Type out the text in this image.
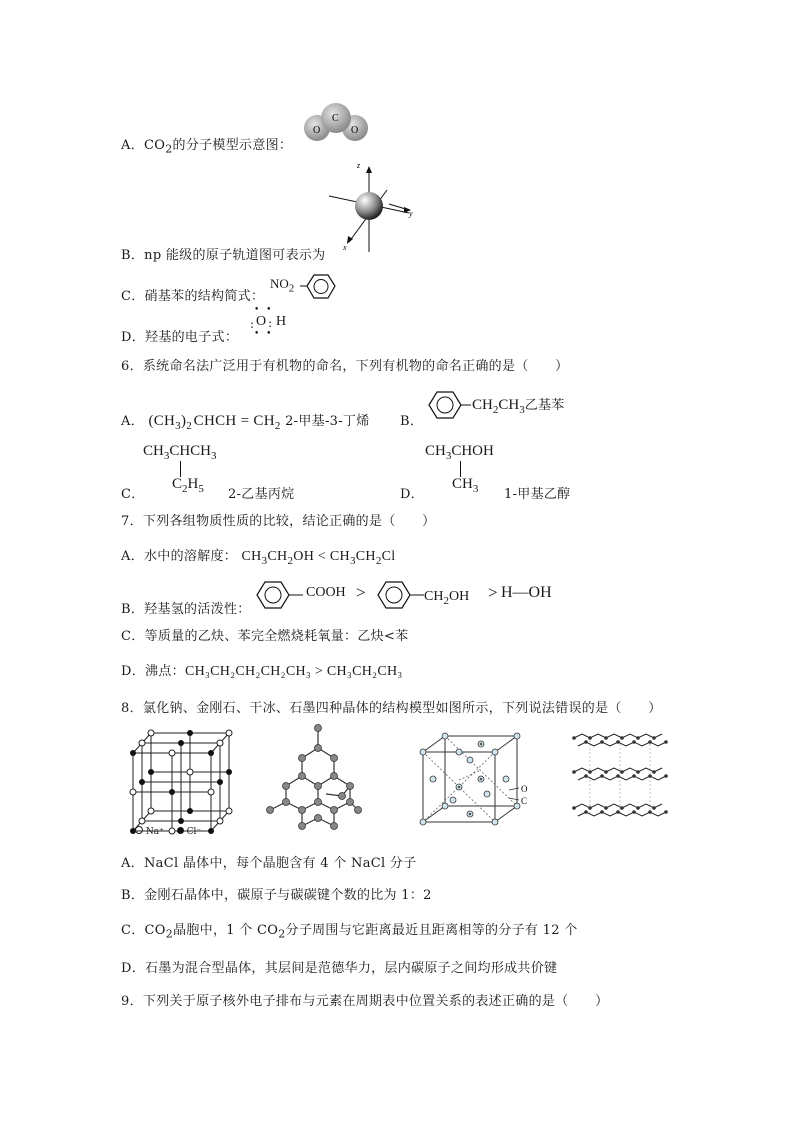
A．$CO_2$的分子模型示意图：
O
C
O
z
y
x
B．np 能级的原子轨道图可表示为
C．硝基苯的结构简式：
$NO_2$
D．羟基的电子式：
• •
: O : H
• •
6．系统命名法广泛用于有机物的命名，下列有机物的命名正确的是（　　）
A． $(CH_3)_2$  CHCH = $CH_2$ 2-甲基-3-丁烯 B．
$CH_2CH_3$乙基苯
$CH_3CHCH_3$
C．
$C_2H_5$ 2-乙基丙烷
$CH_3CHOH$
D．
$CH_3$ 1-甲基乙醇
7．下列各组物质性质的比较，结论正确的是（　　）
A．水中的溶解度： $CH_3CH_2OH < CH_3CH_2Cl$
B．羟基氢的活泼性：
COOH >	$CH_2OH$ > H—OH
C．等质量的乙炔、苯完全燃烧耗氧量：乙炔<苯
D．沸点：CH₃CH₂CH₂CH₂CH₃ > CH₃CH₂CH₃
8．氯化钠、金刚石、干冰、石墨四种晶体的结构模型如图所示，下列说法错误的是（　　）
Na⁺	Cl⁻
O
C
A．NaCl 晶体中，每个晶胞含有 4 个 NaCl 分子
B．金刚石晶体中，碳原子与碳碳键个数的比为 1：2
C．$CO_2$晶胞中，1 个 $CO_2$分子周围与它距离最近且距离相等的分子有 12 个
D．石墨为混合型晶体，其层间是范德华力，层内碳原子之间均形成共价键
9．下列关于原子核外电子排布与元素在周期表中位置关系的表述正确的是（　　）
